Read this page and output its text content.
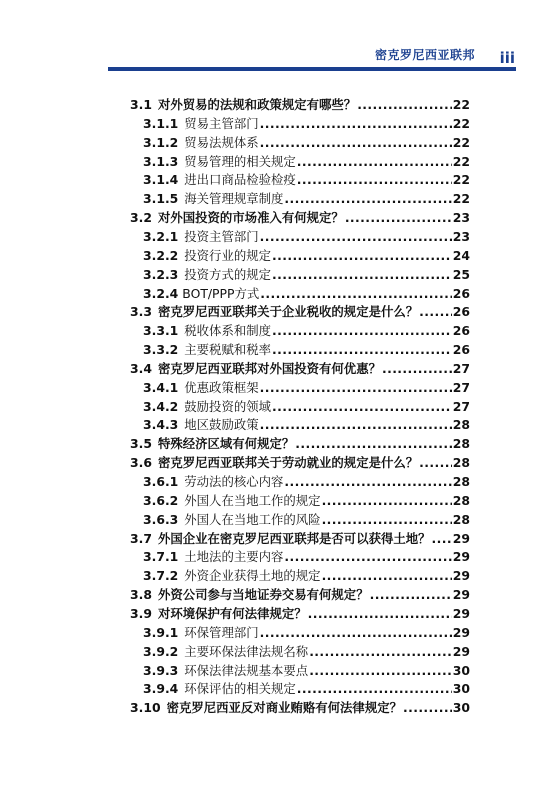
密克罗尼西亚联邦 iii
3.1 对外贸易的法规和政策规定有哪些？ .....	22
3.1.1 贸易主管部门 .....	22
3.1.2 贸易法规体系 .....	22
3.1.3 贸易管理的相关规定 .....	22
3.1.4 进出口商品检验检疫 .....	22
3.1.5 海关管理规章制度 .....	22
3.2 对外国投资的市场准入有何规定？ .....	23
3.2.1 投资主管部门 .....	23
3.2.2 投资行业的规定 .....	24
3.2.3 投资方式的规定 .....	25
3.2.4 BOT/PPP方式 .....	26
3.3 密克罗尼西亚联邦关于企业税收的规定是什么？ .....	26
3.3.1 税收体系和制度 .....	26
3.3.2 主要税赋和税率 .....	26
3.4 密克罗尼西亚联邦对外国投资有何优惠？ .....	27
3.4.1 优惠政策框架 .....	27
3.4.2 鼓励投资的领域 .....	27
3.4.3 地区鼓励政策 .....	28
3.5 特殊经济区域有何规定？ .....	28
3.6 密克罗尼西亚联邦关于劳动就业的规定是什么？ .....	28
3.6.1 劳动法的核心内容 .....	28
3.6.2 外国人在当地工作的规定 .....	28
3.6.3 外国人在当地工作的风险 .....	28
3.7 外国企业在密克罗尼西亚联邦是否可以获得土地？ ..... 29
3.7.1 土地法的主要内容 .....	29
3.7.2 外资企业获得土地的规定 .....	29
3.8 外资公司参与当地证券交易有何规定？ .....	29
3.9 对环境保护有何法律规定？ .....	29
3.9.1 环保管理部门 .....	29
3.9.2 主要环保法律法规名称 .....	29
3.9.3 环保法律法规基本要点 .....	30
3.9.4 环保评估的相关规定 .....	30
3.10 密克罗尼西亚反对商业贿赂有何法律规定？ .....	30
